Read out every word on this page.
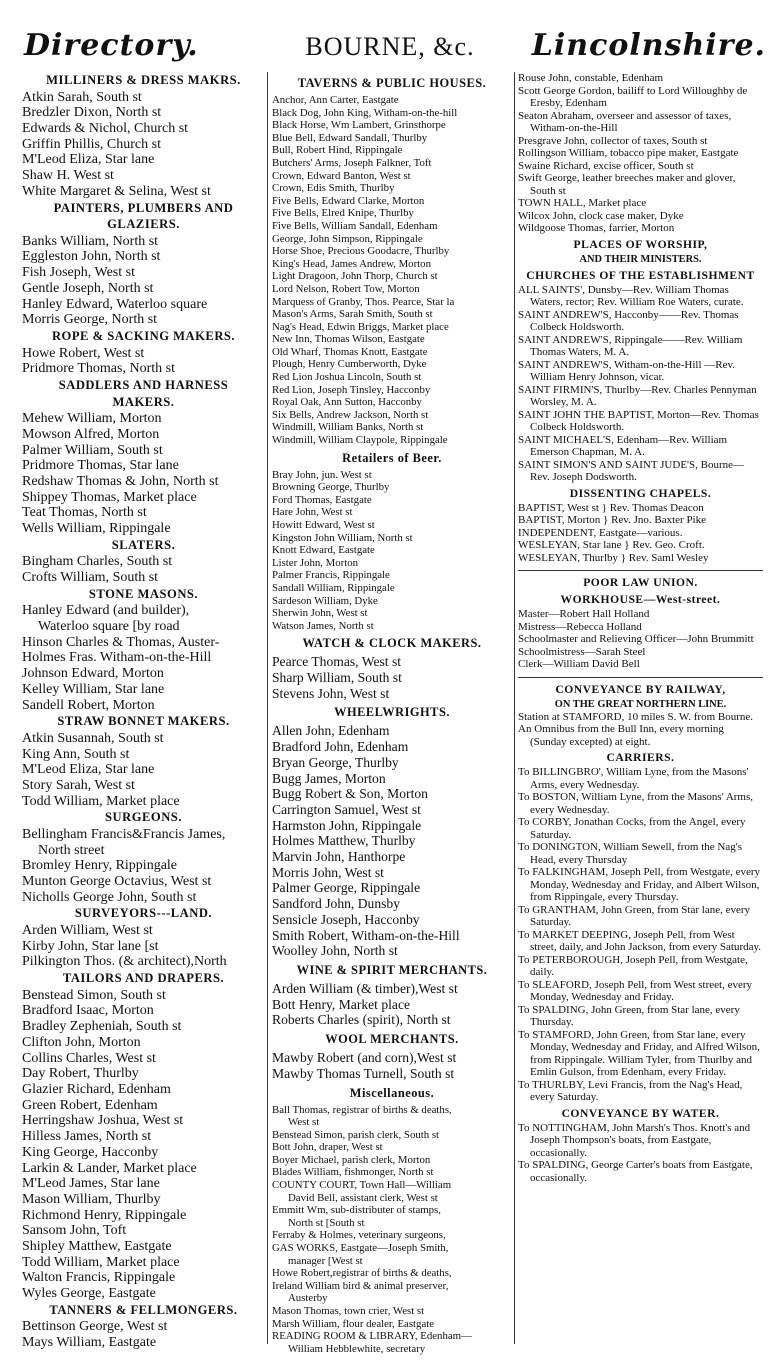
Directory.	BOURNE, &c.	Lincolnshire.
MILLINERS & DRESS MAKRS.
Atkin Sarah, South st
Bredzler Dixon, North st
Edwards & Nichol, Church st
Griffin Phillis, Church st
M'Leod Eliza, Star lane
Shaw H. West st
White Margaret & Selina, West st
PAINTERS, PLUMBERS AND
GLAZIERS.
Banks William, North st
Eggleston John, North st
Fish Joseph, West st
Gentle Joseph, North st
Hanley Edward, Waterloo square
Morris George, North st
ROPE & SACKING MAKERS.
Howe Robert, West st
Pridmore Thomas, North st
SADDLERS AND HARNESS
MAKERS.
Mehew William, Morton
Mowson Alfred, Morton
Palmer William, South st
Pridmore Thomas, Star lane
Redshaw Thomas & John, North st
Shippey Thomas, Market place
Teat Thomas, North st
Wells William, Rippingale
SLATERS.
Bingham Charles, South st
Crofts William, South st
STONE MASONS.
Hanley Edward (and builder),
Waterloo square [by road
Hinson Charles & Thomas, Auster-
Holmes Fras. Witham-on-the-Hill
Johnson Edward, Morton
Kelley William, Star lane
Sandell Robert, Morton
STRAW BONNET MAKERS.
Atkin Susannah, South st
King Ann, South st
M'Leod Eliza, Star lane
Story Sarah, West st
Todd William, Market place
SURGEONS.
Bellingham Francis&Francis James,
North street
Bromley Henry, Rippingale
Munton George Octavius, West st
Nicholls George John, South st
SURVEYORS---LAND.
Arden William, West st
Kirby John, Star lane [st
Pilkington Thos. (& architect),North
TAILORS AND DRAPERS.
Benstead Simon, South st
Bradford Isaac, Morton
Bradley Zepheniah, South st
Clifton John, Morton
Collins Charles, West st
Day Robert, Thurlby
Glazier Richard, Edenham
Green Robert, Edenham
Herringshaw Joshua, West st
Hilless James, North st
King George, Hacconby
Larkin & Lander, Market place
M'Leod James, Star lane
Mason William, Thurlby
Richmond Henry, Rippingale
Sansom John, Toft
Shipley Matthew, Eastgate
Todd William, Market place
Walton Francis, Rippingale
Wyles George, Eastgate
TANNERS & FELLMONGERS.
Bettinson George, West st
Mays William, Eastgate
TAVERNS & PUBLIC HOUSES.
Anchor, Ann Carter, Eastgate
Black Dog, John King, Witham-on-the-hill
Black Horse, Wm Lambert, Grinsthorpe
Blue Bell, Edward Sandall, Thurlby
Bull, Robert Hind, Rippingale
Butchers' Arms, Joseph Falkner, Toft
Crown, Edward Banton, West st
Crown, Edis Smith, Thurlby
Five Bells, Edward Clarke, Morton
Five Bells, Elred Knipe, Thurlby
Five Bells, William Sandall, Edenham
George, John Simpson, Rippingale
Horse Shoe, Precious Goodacre, Thurlby
King's Head, James Andrew, Morton
Light Dragoon, John Thorp, Church st
Lord Nelson, Robert Tow, Morton
Marquess of Granby, Thos. Pearce, Star la
Mason's Arms, Sarah Smith, South st
Nag's Head, Edwin Briggs, Market place
New Inn, Thomas Wilson, Eastgate
Old Wharf, Thomas Knott, Eastgate
Plough, Henry Cumberworth, Dyke
Red Lion Joshua Lincoln, South st
Red Lion, Joseph Tinsley, Hacconby
Royal Oak, Ann Sutton, Hacconby
Six Bells, Andrew Jackson, North st
Windmill, William Banks, North st
Windmill, William Claypole, Rippingale
Retailers of Beer.
Bray John, jun. West st
Browning George, Thurlby
Ford Thomas, Eastgate
Hare John, West st
Howitt Edward, West st
Kingston John William, North st
Knott Edward, Eastgate
Lister John, Morton
Palmer Francis, Rippingale
Sandall William, Rippingale
Sardeson William, Dyke
Sherwin John, West st
Watson James, North st
WATCH & CLOCK MAKERS.
Pearce Thomas, West st
Sharp William, South st
Stevens John, West st
WHEELWRIGHTS.
Allen John, Edenham
Bradford John, Edenham
Bryan George, Thurlby
Bugg James, Morton
Bugg Robert & Son, Morton
Carrington Samuel, West st
Harmston John, Rippingale
Holmes Matthew, Thurlby
Marvin John, Hanthorpe
Morris John, West st
Palmer George, Rippingale
Sandford John, Dunsby
Sensicle Joseph, Hacconby
Smith Robert, Witham-on-the-Hill
Woolley John, North st
WINE & SPIRIT MERCHANTS.
Arden William (& timber),West st
Bott Henry, Market place
Roberts Charles (spirit), North st
WOOL MERCHANTS.
Mawby Robert (and corn),West st
Mawby Thomas Turnell, South st
Miscellaneous.
Ball Thomas, registrar of births & deaths,
West st
Benstead Simon, parish clerk, South st
Bott John, draper, West st
Boyer Michael, parish clerk, Morton
Blades William, fishmonger, North st
COUNTY COURT, Town Hall—William
David Bell, assistant clerk, West st
Emmitt Wm, sub-distributer of stamps,
North st [South st
Ferraby & Holmes, veterinary surgeons,
GAS WORKS, Eastgate—Joseph Smith,
manager [West st
Howe Robert,registrar of births & deaths,
Ireland William bird & animal preserver,
Austerby
Mason Thomas, town crier, West st
Marsh William, flour dealer, Eastgate
READING ROOM & LIBRARY, Edenham—
William Hebblewhite, secretary
Rouse John, constable, Edenham
Scott George Gordon, bailiff to Lord Willoughby de Eresby, Edenham
Seaton Abraham, overseer and assessor of taxes, Witham-on-the-Hill
Presgrave John, collector of taxes, South st
Rollingson William, tobacco pipe maker, Eastgate
Swaine Richard, excise officer, South st
Swift George, leather breeches maker and glover, South st
TOWN HALL, Market place
Wilcox John, clock case maker, Dyke
Wildgoose Thomas, farrier, Morton
PLACES OF WORSHIP,
AND THEIR MINISTERS.
CHURCHES OF THE ESTABLISHMENT
ALL SAINTS', Dunsby—Rev. William Thomas Waters, rector; Rev. William Roe Waters, curate.
SAINT ANDREW'S, Hacconby——Rev. Thomas Colbeck Holdsworth.
SAINT ANDREW'S, Rippingale——Rev. William Thomas Waters, M. A.
SAINT ANDREW'S, Witham-on-the-Hill —Rev. William Henry Johnson, vicar.
SAINT FIRMIN'S, Thurlby—Rev. Charles Pennyman Worsley, M. A.
SAINT JOHN THE BAPTIST, Morton—Rev. Thomas Colbeck Holdsworth.
SAINT MICHAEL'S, Edenham—Rev. William Emerson Chapman, M. A.
SAINT SIMON'S AND SAINT JUDE'S, Bourne—Rev. Joseph Dodsworth.
DISSENTING CHAPELS.
BAPTIST, West st } Rev. Thomas Deacon
BAPTIST, Morton } Rev. Jno. Baxter Pike
INDEPENDENT, Eastgate—various.
WESLEYAN, Star lane } Rev. Geo. Croft.
WESLEYAN, Thurlby } Rev. Saml Wesley
POOR LAW UNION.
WORKHOUSE—West-street.
Master—Robert Hall Holland
Mistress—Rebecca Holland
Schoolmaster and Relieving Officer—John Brummitt
Schoolmistress—Sarah Steel
Clerk—William David Bell
CONVEYANCE BY RAILWAY,
ON THE GREAT NORTHERN LINE.
Station at STAMFORD, 10 miles S. W. from Bourne.
An Omnibus from the Bull Inn, every morning (Sunday excepted) at eight.
CARRIERS.
To BILLINGBRO', William Lyne, from the Masons' Arms, every Wednesday.
To BOSTON, William Lyne, from the Masons' Arms, every Wednesday.
To CORBY, Jonathan Cocks, from the Angel, every Saturday.
To DONINGTON, William Sewell, from the Nag's Head, every Thursday
To FALKINGHAM, Joseph Pell, from Westgate, every Monday, Wednesday and Friday, and Albert Wilson, from Rippingale, every Thursday.
To GRANTHAM, John Green, from Star lane, every Saturday.
To MARKET DEEPING, Joseph Pell, from West street, daily, and John Jackson, from every Saturday.
To PETERBOROUGH, Joseph Pell, from Westgate, daily.
To SLEAFORD, Joseph Pell, from West street, every Monday, Wednesday and Friday.
To SPALDING, John Green, from Star lane, every Thursday.
To STAMFORD, John Green, from Star lane, every Monday, Wednesday and Friday, and Alfred Wilson, from Rippingale. William Tyler, from Thurlby and Emlin Gulson, from Edenham, every Friday.
To THURLBY, Levi Francis, from the Nag's Head, every Saturday.
CONVEYANCE BY WATER.
To NOTTINGHAM, John Marsh's Thos. Knott's and Joseph Thompson's boats, from Eastgate, occasionally.
To SPALDING, George Carter's boats from Eastgate, occasionally.
